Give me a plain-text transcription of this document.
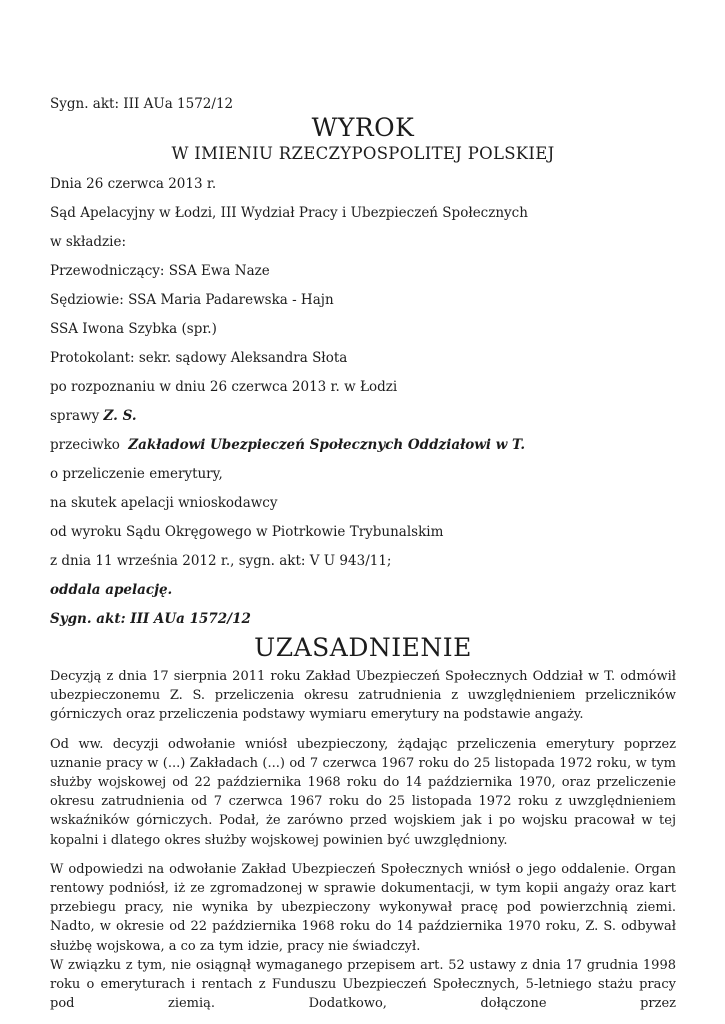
Sygn. akt: III AUa 1572/12

WYROK

W IMIENIU RZECZYPOSPOLITEJ POLSKIEJ

Dnia 26 czerwca 2013 r.

Sąd Apelacyjny w Łodzi, III Wydział Pracy i Ubezpieczeń Społecznych

w składzie:

Przewodniczący: SSA Ewa Naze

Sędziowie: SSA Maria Padarewska - Hajn

SSA Iwona Szybka (spr.)

Protokolant: sekr. sądowy Aleksandra Słota

po rozpoznaniu w dniu 26 czerwca 2013 r. w Łodzi

sprawy Z. S.

przeciwko Zakładowi Ubezpieczeń Społecznych Oddziałowi w T.

o przeliczenie emerytury,

na skutek apelacji wnioskodawcy

od wyroku Sądu Okręgowego w Piotrkowie Trybunalskim

z dnia 11 września 2012 r., sygn. akt: V U 943/11;

oddala apelację.

Sygn. akt: III AUa 1572/12

UZASADNIENIE

Decyzją z dnia 17 sierpnia 2011 roku Zakład Ubezpieczeń Społecznych Oddział w T. odmówił ubezpieczonemu Z. S. przeliczenia okresu zatrudnienia z uwzględnieniem przeliczników górniczych oraz przeliczenia podstawy wymiaru emerytury na podstawie angaży.

Od ww. decyzji odwołanie wniósł ubezpieczony, żądając przeliczenia emerytury poprzez uznanie pracy w (...) Zakładach (...) od 7 czerwca 1967 roku do 25 listopada 1972 roku, w tym służby wojskowej od 22 października 1968 roku do 14 października 1970, oraz przeliczenie okresu zatrudnienia od 7 czerwca 1967 roku do 25 listopada 1972 roku z uwzględnieniem wskaźników górniczych. Podał, że zarówno przed wojskiem jak i po wojsku pracował w tej kopalni i dlatego okres służby wojskowej powinien być uwzględniony.

W odpowiedzi na odwołanie Zakład Ubezpieczeń Społecznych wniósł o jego oddalenie. Organ rentowy podniósł, iż ze zgromadzonej w sprawie dokumentacji, w tym kopii angaży oraz kart przebiegu pracy, nie wynika by ubezpieczony wykonywał pracę pod powierzchnią ziemi. Nadto, w okresie od 22 października 1968 roku do 14 października 1970 roku, Z. S. odbywał służbę wojskowa, a co za tym idzie, pracy nie świadczył.

W związku z tym, nie osiągnął wymaganego przepisem art. 52 ustawy z dnia 17 grudnia 1998 roku o emeryturach i rentach z Funduszu Ubezpieczeń Społecznych, 5-letniego stażu pracy pod ziemią. Dodatkowo, dołączone przez
